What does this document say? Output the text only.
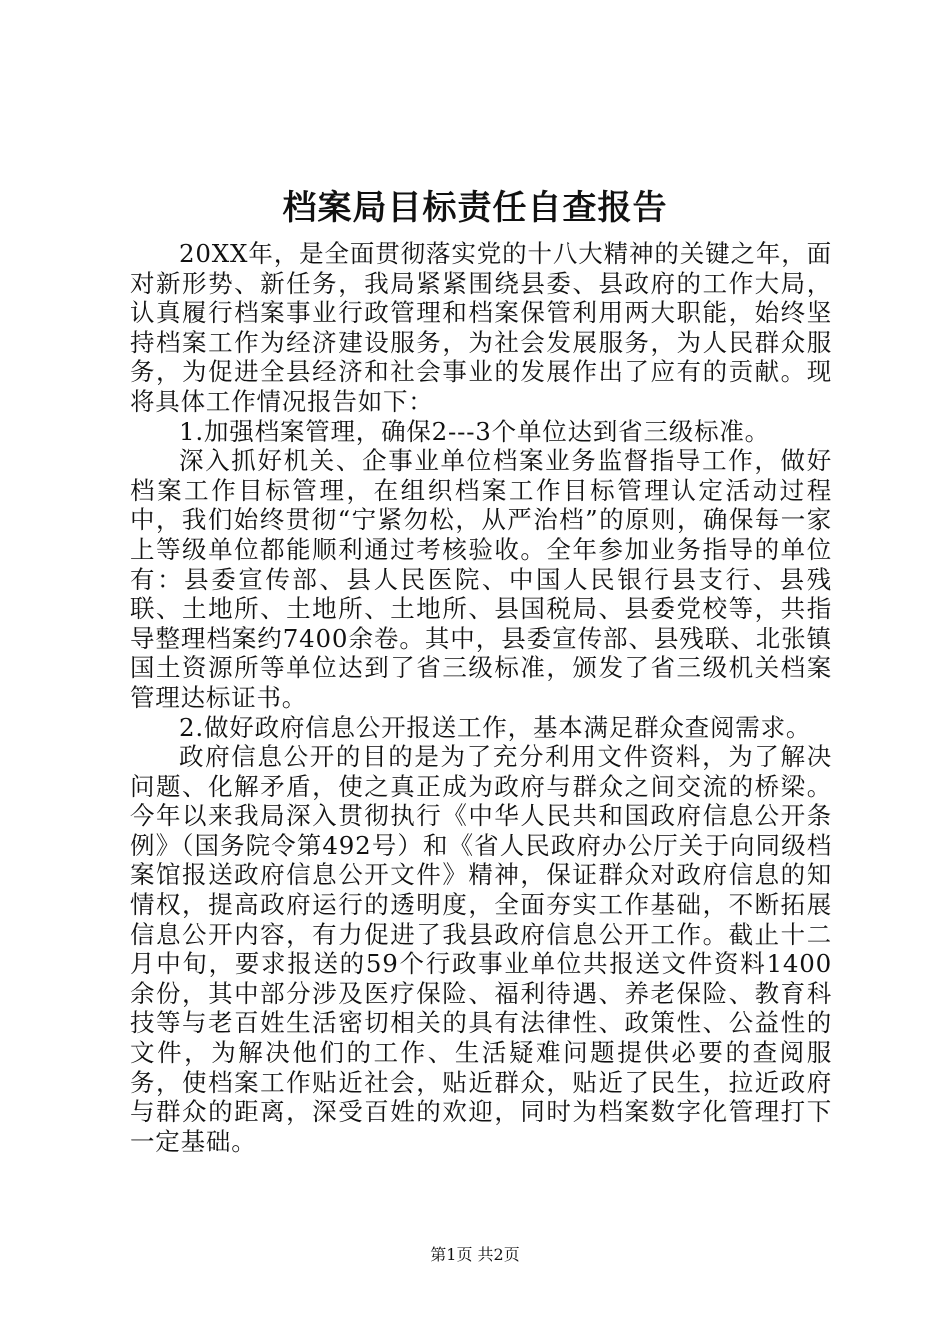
档案局目标责任自查报告

20XX年，是全面贯彻落实党的十八大精神的关键之年，面对新形势、新任务，我局紧紧围绕县委、县政府的工作大局，认真履行档案事业行政管理和档案保管利用两大职能，始终坚持档案工作为经济建设服务，为社会发展服务，为人民群众服务，为促进全县经济和社会事业的发展作出了应有的贡献。现将具体工作情况报告如下：

1.加强档案管理，确保2---3个单位达到省三级标准。

深入抓好机关、企事业单位档案业务监督指导工作，做好档案工作目标管理，在组织档案工作目标管理认定活动过程中，我们始终贯彻“宁紧勿松，从严治档”的原则，确保每一家上等级单位都能顺利通过考核验收。全年参加业务指导的单位有：县委宣传部、县人民医院、中国人民银行县支行、县残联、土地所、土地所、土地所、县国税局、县委党校等，共指导整理档案约7400余卷。其中，县委宣传部、县残联、北张镇国土资源所等单位达到了省三级标准，颁发了省三级机关档案管理达标证书。

2.做好政府信息公开报送工作，基本满足群众查阅需求。

政府信息公开的目的是为了充分利用文件资料，为了解决问题、化解矛盾，使之真正成为政府与群众之间交流的桥梁。今年以来我局深入贯彻执行《中华人民共和国政府信息公开条例》（国务院令第492号）和《省人民政府办公厅关于向同级档案馆报送政府信息公开文件》精神，保证群众对政府信息的知情权，提高政府运行的透明度，全面夯实工作基础，不断拓展信息公开内容，有力促进了我县政府信息公开工作。截止十二月中旬，要求报送的59个行政事业单位共报送文件资料1400余份，其中部分涉及医疗保险、福利待遇、养老保险、教育科技等与老百姓生活密切相关的具有法律性、政策性、公益性的文件，为解决他们的工作、生活疑难问题提供必要的查阅服务，使档案工作贴近社会，贴近群众，贴近了民生，拉近政府与群众的距离，深受百姓的欢迎，同时为档案数字化管理打下一定基础。

第1页 共2页
